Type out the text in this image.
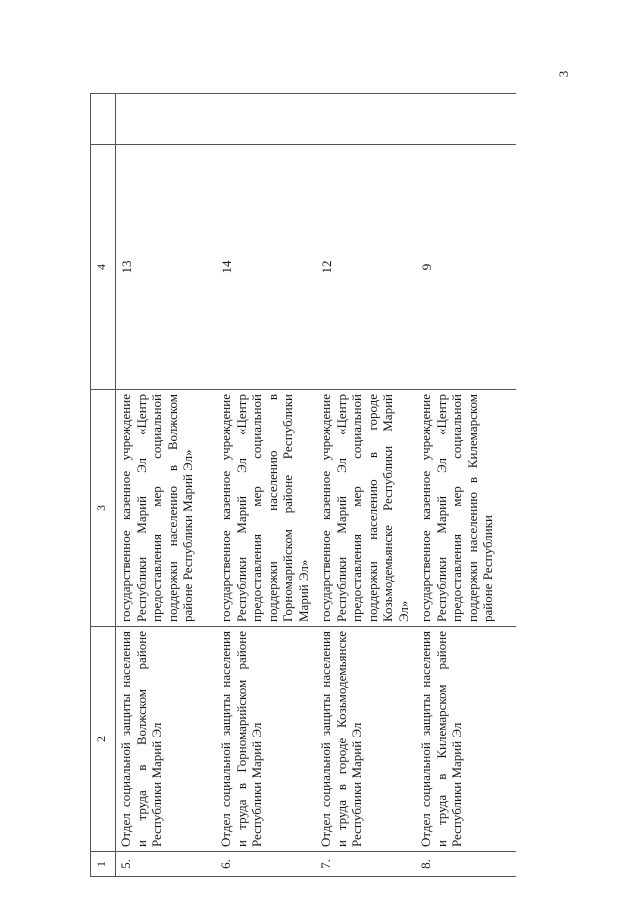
3
1	2	3	4	
5.	Отдел социальной защиты населения и труда в Волжском районе Республики Марий Эл	государственное казенное учреждение Республики Марий Эл «Центр предоставления мер социальной поддержки населению в Волжском районе Республики Марий Эл»	13	
6.	Отдел социальной защиты населения и труда в Горномарийском районе Республики Марий Эл	государственное казенное учреждение Республики Марий Эл «Центр предоставления мер социальной поддержки населению в Горномарийском районе Республики Марий Эл»	14	
7.	Отдел социальной защиты населения и труда в городе Козьмодемьянске Республики Марий Эл	государственное казенное учреждение Республики Марий Эл «Центр предоставления мер социальной поддержки населению в городе Козьмодемьянске Республики Марий Эл»	12	
8.	Отдел социальной защиты населения и труда в Килемарском районе Республики Марий Эл	государственное казенное учреждение Республики Марий Эл «Центр предоставления мер социальной поддержки населению в Килемарском районе Республики	9	
